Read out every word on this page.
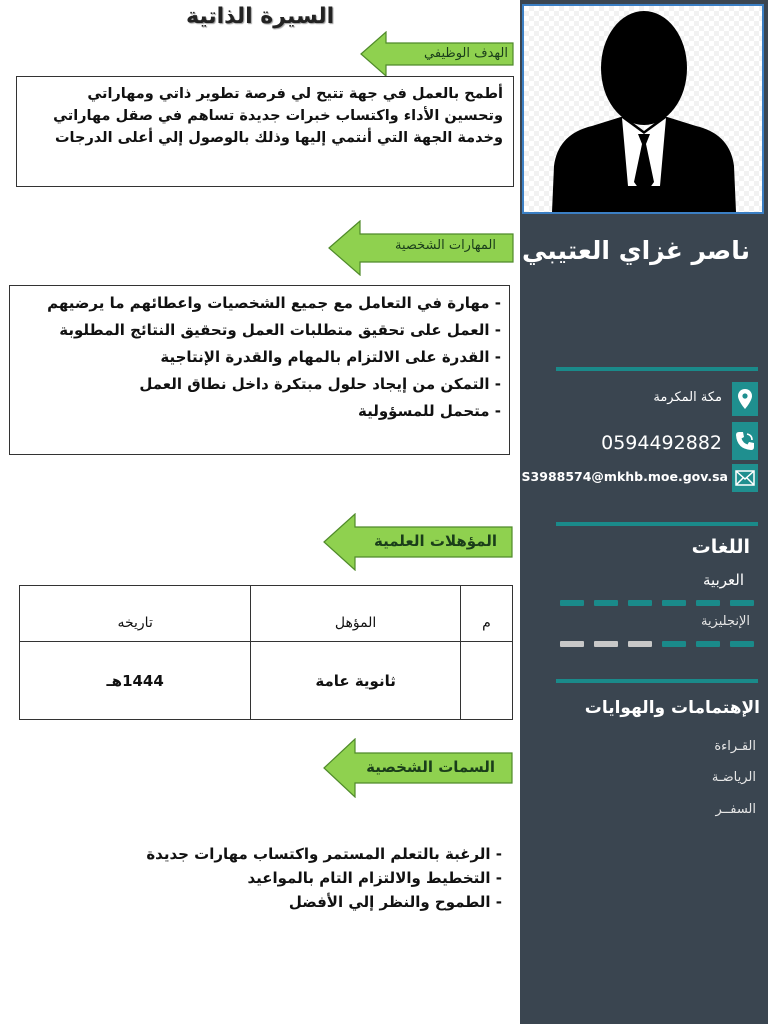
ناصر غزاي العتيبي
مكة المكرمة
0594492882
S3988574@mkhb.moe.gov.sa
اللغات
العربية
الإنجليزية
الإهتمامات والهوايات
القـراءة
الرياضـة
السفــر
السيرة الذاتية
الهدف الوظيفي
أطمح بالعمل في جهة تتيح لي فرصة تطوير ذاتي ومهاراتي
وتحسين الأداء واكتساب خبرات جديدة تساهم في صقل مهاراتي
وخدمة الجهة التي أنتمي إليها وذلك بالوصول إلي أعلى الدرجات
المهارات الشخصية
- مهارة في التعامل مع جميع الشخصيات واعطائهم ما يرضيهم
- العمل على تحقيق متطلبات العمل وتحقيق النتائج المطلوبة
- القدرة على الالتزام بالمهام والقدرة الإنتاجية
- التمكن من إيجاد حلول مبتكرة داخل نطاق العمل
- متحمل للمسؤولية
المؤهلات العلمية
تاريخه	المؤهل	م
1444هـ	ثانوية عامة	
السمات الشخصية
- الرغبة بالتعلم المستمر واكتساب مهارات جديدة
- التخطيط والالتزام التام بالمواعيد
- الطموح والنظر إلي الأفضل
